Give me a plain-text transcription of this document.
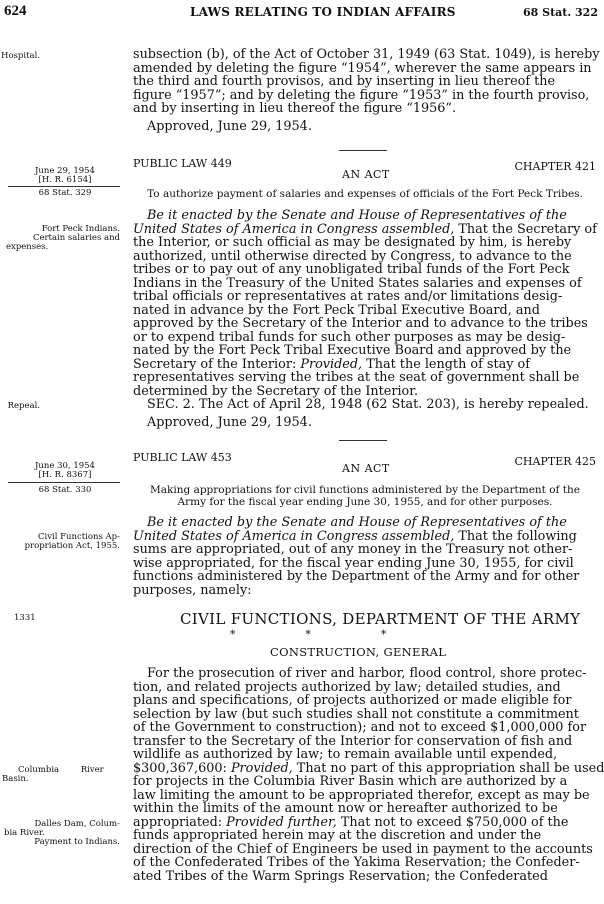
624	LAWS RELATING TO INDIAN AFFAIRS	68 Stat. 322
Hospital.	subsection (b), of the Act of October 31, 1949 (63 Stat. 1049), is hereby
amended by deleting the figure “1954”, wherever the same appears in
the third and fourth provisos, and by inserting in lieu thereof the
figure “1957”; and by deleting the figure “1953” in the fourth proviso,
and by inserting in lieu thereof the figure “1956”.
Approved, June 29, 1954.
June 29, 1954
[H. R. 6154]
68 Stat. 329
PUBLIC LAW 449
AN ACT
CHAPTER 421
To authorize payment of salaries and expenses of officials of the Fort Peck Tribes.
Fort Peck Indians.
Certain salaries and
expenses.
Be it enacted by the Senate and House of Representatives of the
United States of America in Congress assembled, That the Secretary of
the Interior, or such official as may be designated by him, is hereby
authorized, until otherwise directed by Congress, to advance to the
tribes or to pay out of any unobligated tribal funds of the Fort Peck
Indians in the Treasury of the United States salaries and expenses of
tribal officials or representatives at rates and/or limitations desig-
nated in advance by the Fort Peck Tribal Executive Board, and
approved by the Secretary of the Interior and to advance to the tribes
or to expend tribal funds for such other purposes as may be desig-
nated by the Fort Peck Tribal Executive Board and approved by the
Secretary of the Interior: Provided, That the length of stay of
representatives serving the tribes at the seat of government shall be
determined by the Secretary of the Interior.
SEC. 2. The Act of April 28, 1948 (62 Stat. 203), is hereby repealed.
Approved, June 29, 1954.
Repeal.
June 30, 1954
[H. R. 8367]
68 Stat. 330
PUBLIC LAW 453
AN ACT
CHAPTER 425
Making appropriations for civil functions administered by the Department of the
Army for the fiscal year ending June 30, 1955, and for other purposes.
Civil Functions Ap-
propriation Act, 1955.
Be it enacted by the Senate and House of Representatives of the
United States of America in Congress assembled, That the following
sums are appropriated, out of any money in the Treasury not other-
wise appropriated, for the fiscal year ending June 30, 1955, for civil
functions administered by the Department of the Army and for other
purposes, namely:
1331	CIVIL FUNCTIONS, DEPARTMENT OF THE ARMY
*                    *                    *
CONSTRUCTION, GENERAL
For the prosecution of river and harbor, flood control, shore protec-
tion, and related projects authorized by law; detailed studies, and
plans and specifications, of projects authorized or made eligible for
selection by law (but such studies shall not constitute a commitment
of the Government to construction); and not to exceed $1,000,000 for
transfer to the Secretary of the Interior for conservation of fish and
wildlife as authorized by law; to remain available until expended,
$300,367,600: Provided, That no part of this appropriation shall be used
for projects in the Columbia River Basin which are authorized by a
law limiting the amount to be appropriated therefor, except as may be
within the limits of the amount now or hereafter authorized to be
appropriated: Provided further, That not to exceed $750,000 of the
funds appropriated herein may at the discretion and under the
direction of the Chief of Engineers be used in payment to the accounts
of the Confederated Tribes of the Yakima Reservation; the Confeder-
ated Tribes of the Warm Springs Reservation; the Confederated
Columbia        River
Basin.
Dalles Dam, Colum-
bia River.
Payment to Indians.
